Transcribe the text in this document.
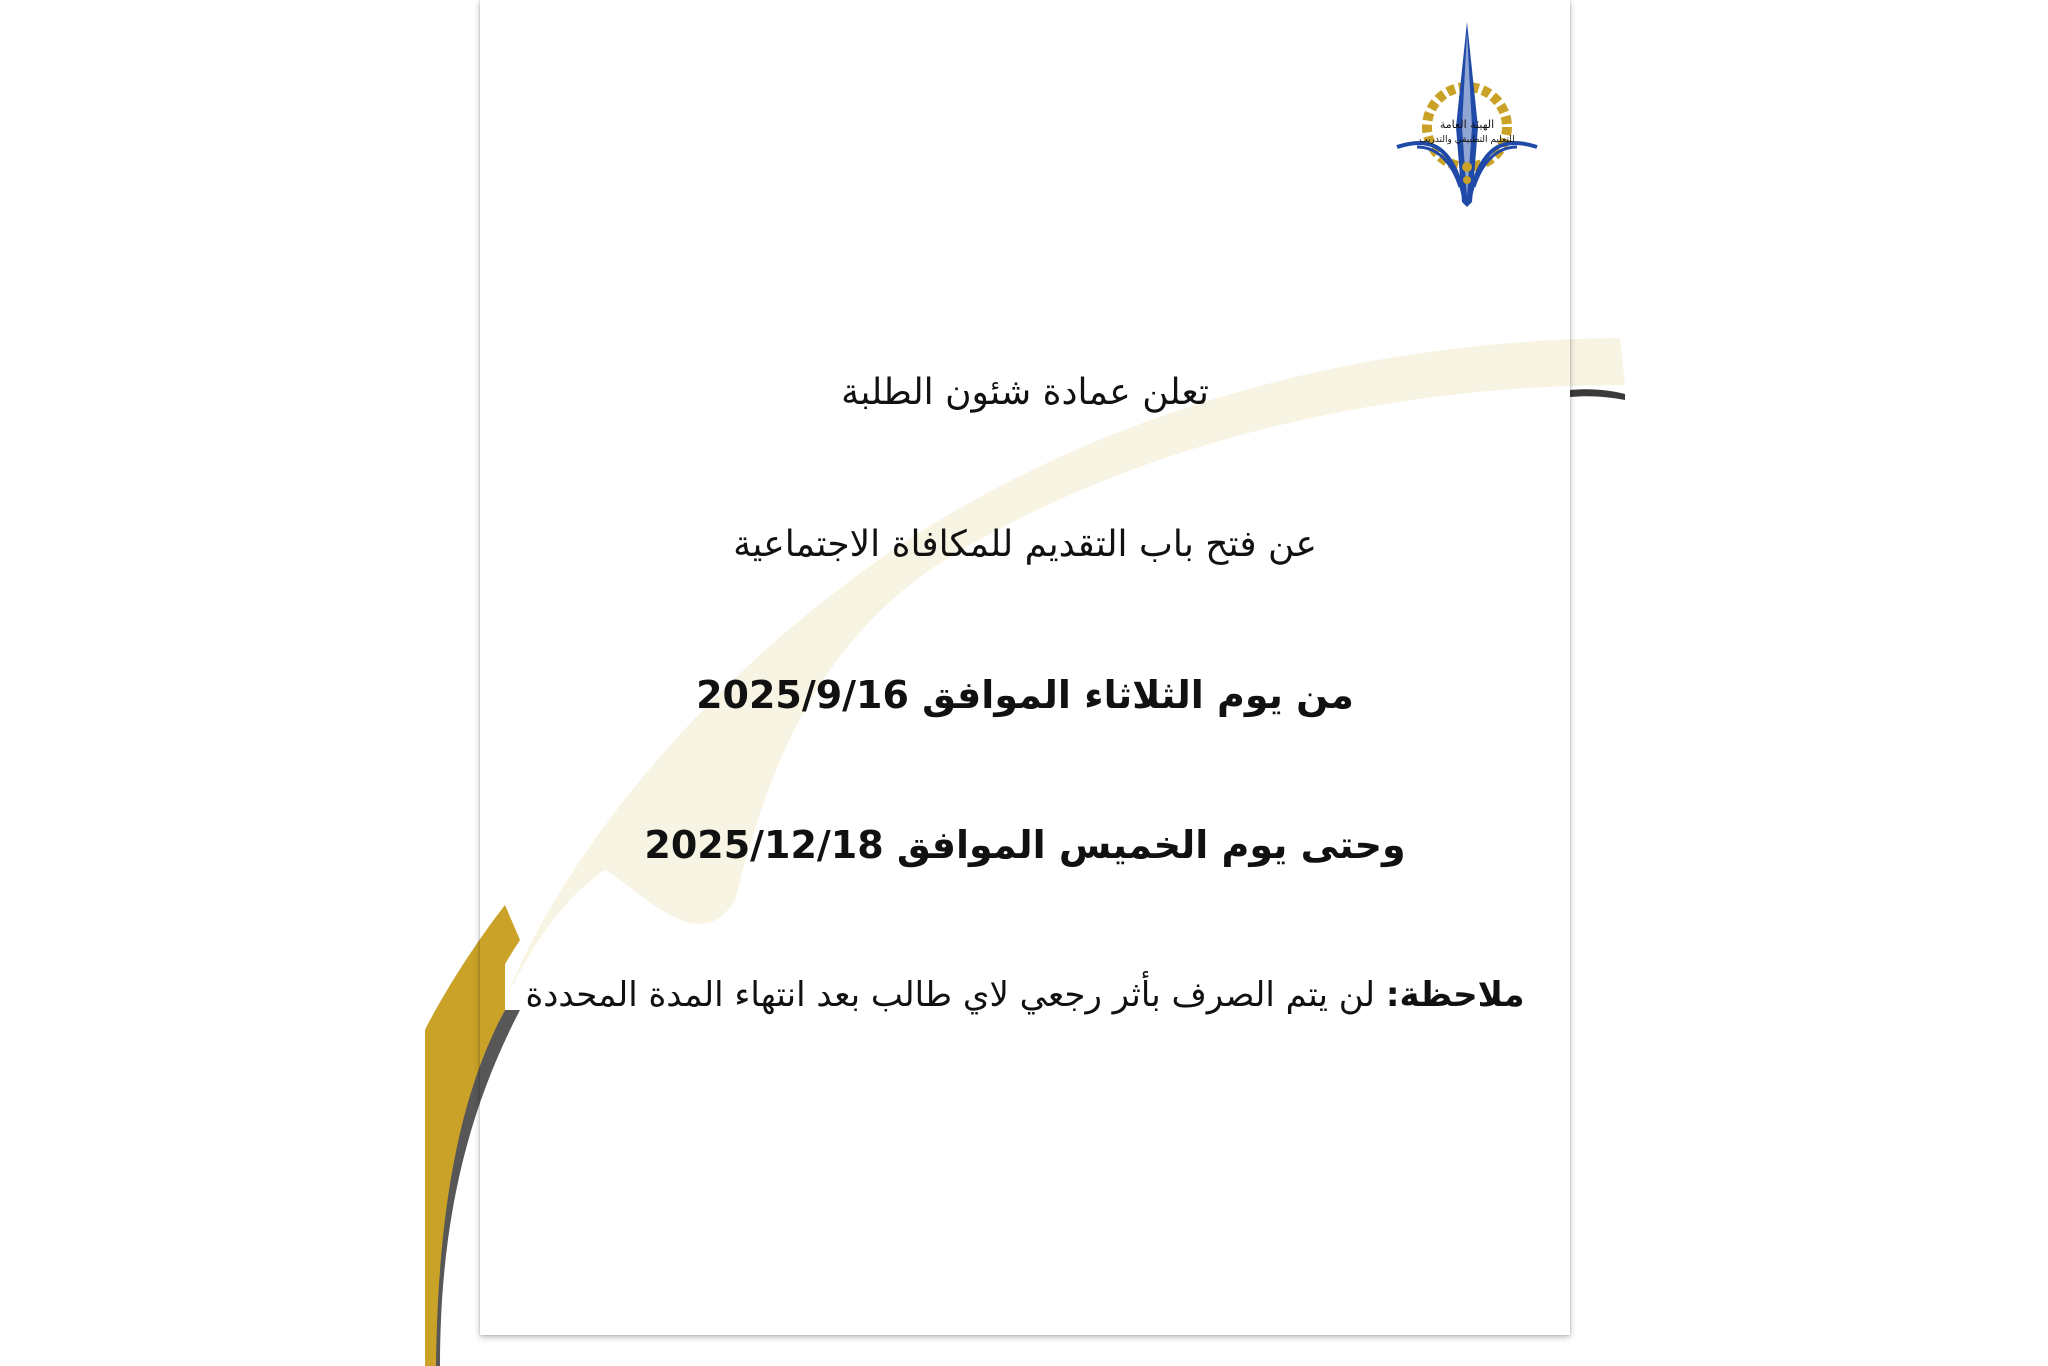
الهيئة العامة
للتعليم التطبيقي والتدريب
تعلن عمادة شئون الطلبة
عن فتح باب التقديم للمكافاة الاجتماعية
من يوم الثلاثاء الموافق 2025/9/16
وحتى يوم الخميس الموافق 2025/12/18
ملاحظة: لن يتم الصرف بأثر رجعي لاي طالب بعد انتهاء المدة المحددة
